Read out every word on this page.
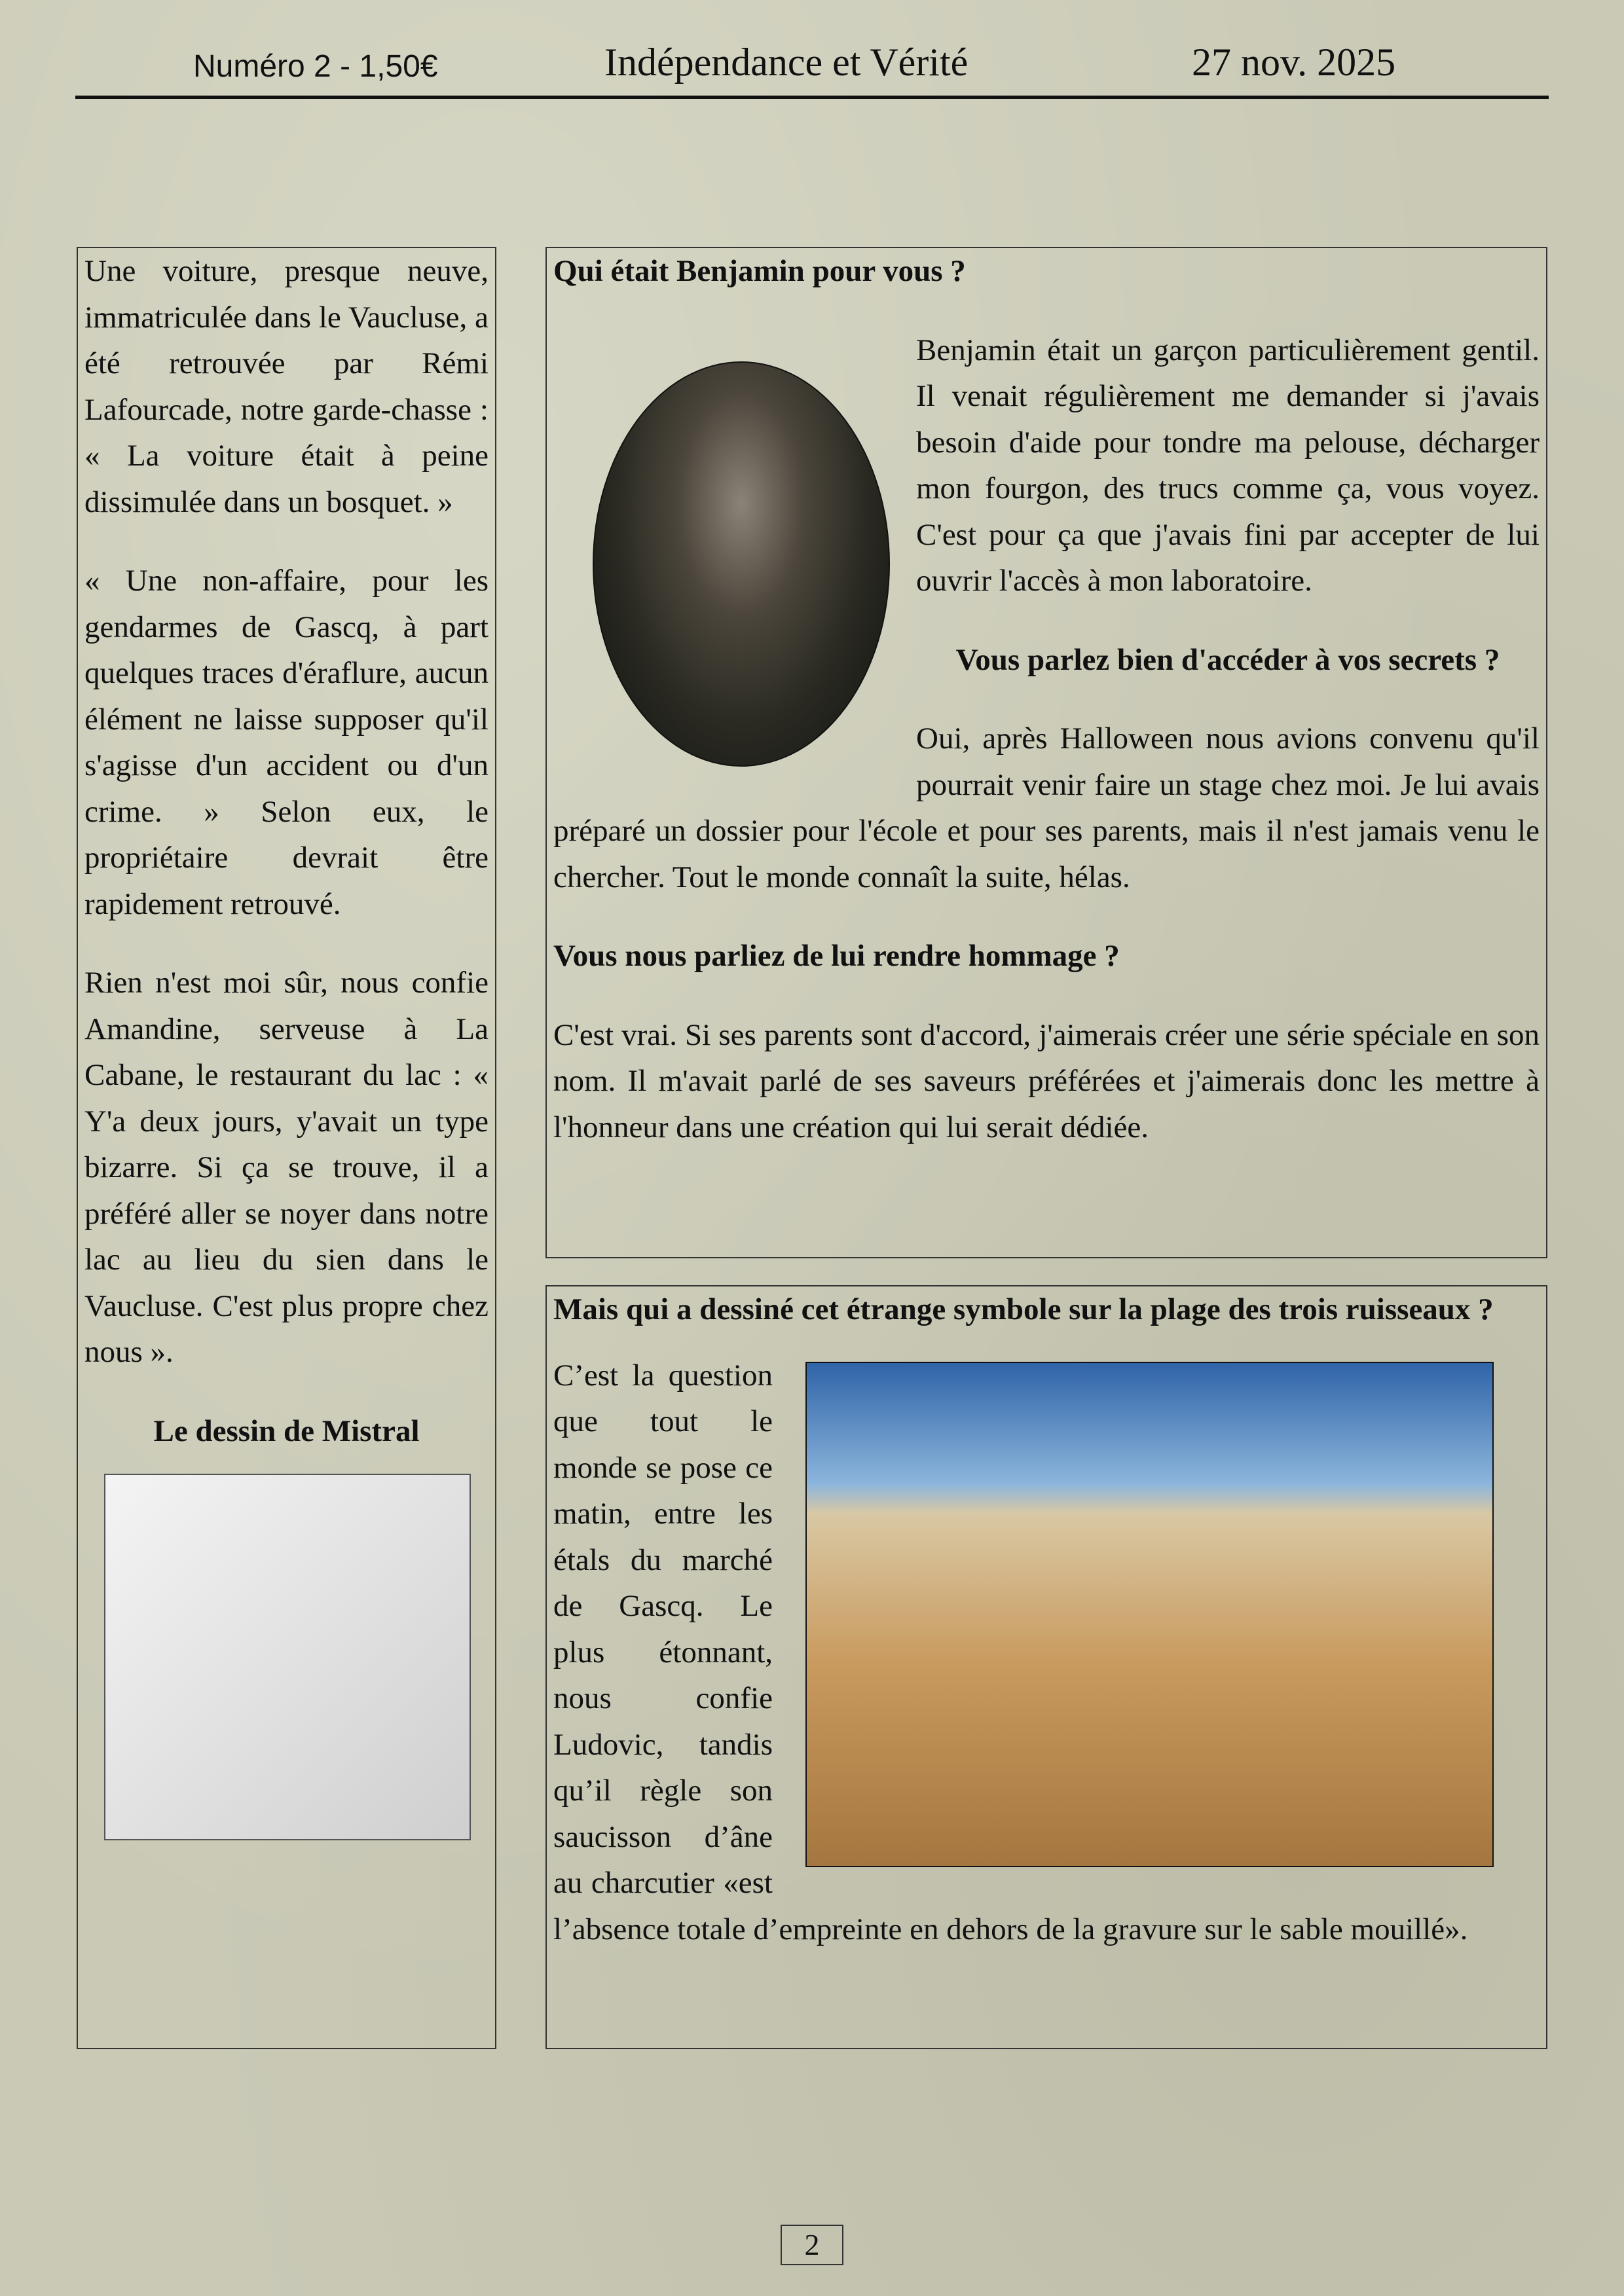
Numéro 2 - 1,50€	Indépendance et Vérité	27 nov. 2025

Une voiture, presque neuve, immatriculée dans le Vaucluse, a été retrouvée par Rémi Lafourcade, notre garde-chasse : « La voiture était à peine dissimulée dans un bosquet. »

« Une non-affaire, pour les gendarmes de Gascq, à part quelques traces d'éraflure, aucun élément ne laisse supposer qu'il s'agisse d'un accident ou d'un crime. » Selon eux, le propriétaire devrait être rapidement retrouvé.

Rien n'est moi sûr, nous confie Amandine, serveuse à La Cabane, le restaurant du lac : « Y'a deux jours, y'avait un type bizarre. Si ça se trouve, il a préféré aller se noyer dans notre lac au lieu du sien dans le Vaucluse. C'est plus propre chez nous ».

Le dessin de Mistral

Qui était Benjamin pour vous ?

Benjamin était un garçon particulièrement gentil. Il venait régulièrement me demander si j'avais besoin d'aide pour tondre ma pelouse, décharger mon fourgon, des trucs comme ça, vous voyez. C'est pour ça que j'avais fini par accepter de lui ouvrir l'accès à mon laboratoire.

Vous parlez bien d'accéder à vos secrets ?

Oui, après Halloween nous avions convenu qu'il pourrait venir faire un stage chez moi. Je lui avais préparé un dossier pour l'école et pour ses parents, mais il n'est jamais venu le chercher. Tout le monde connaît la suite, hélas.

Vous nous parliez de lui rendre hommage ?

C'est vrai. Si ses parents sont d'accord, j'aimerais créer une série spéciale en son nom. Il m'avait parlé de ses saveurs préférées et j'aimerais donc les mettre à l'honneur dans une création qui lui serait dédiée.

Mais qui a dessiné cet étrange symbole sur la plage des trois ruisseaux ?

C’est la question que tout le monde se pose ce matin, entre les étals du marché de Gascq. Le plus étonnant, nous confie Ludovic, tandis qu’il règle son saucisson d’âne au charcutier «est l’absence totale d’empreinte en dehors de la gravure sur le sable mouillé».

2
